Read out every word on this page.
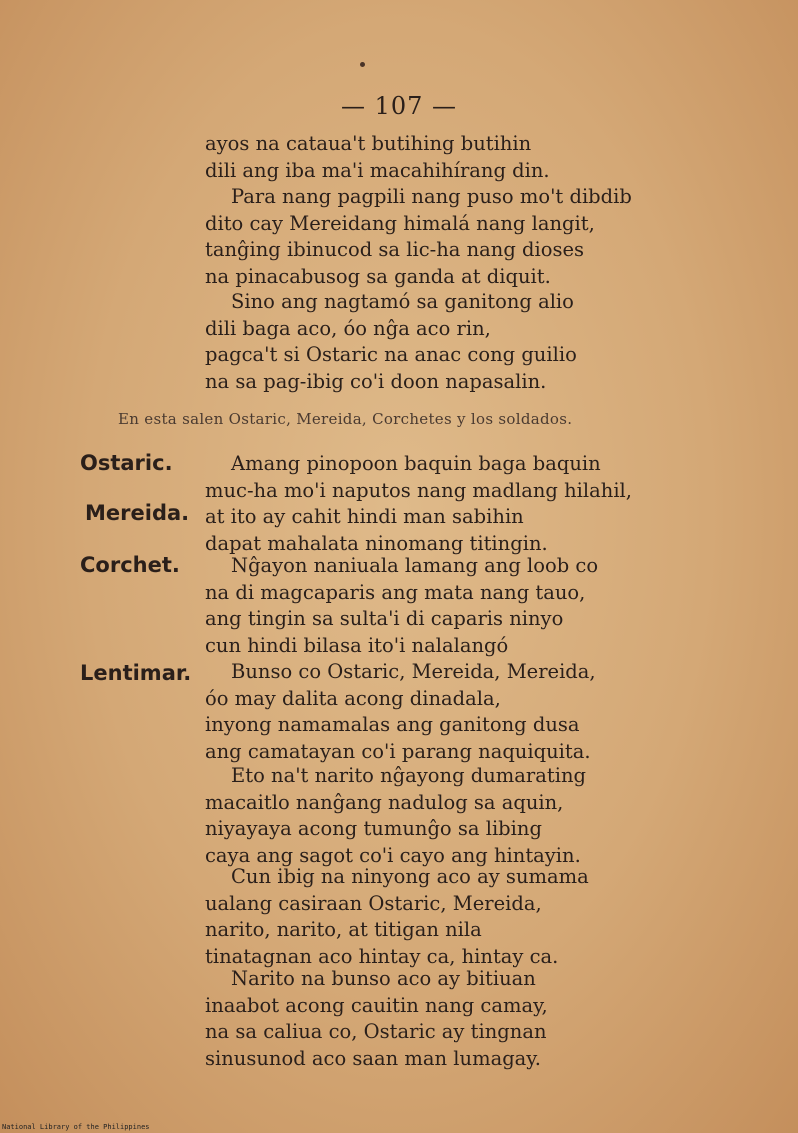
— 107 —
ayos na cataua't butihing butihin
dili ang iba ma'i macahihírang din.
Para nang pagpili nang puso mo't dibdib
dito cay Mereidang himalá nang langit,
tanĝing ibinucod sa lic-ha nang dioses
na pinacabusog sa ganda at diquit.
Sino ang nagtamó sa ganitong alio
dili baga aco, óo nĝa aco rin,
pagca't si Ostaric na anac cong guilio
na sa pag-ibig co'i doon napasalin.
En esta salen Ostaric, Mereida, Corchetes y los soldados.
Ostaric.
Mereida.
Corchet.
Lentimar.
Amang pinopoon baquin baga baquin
muc-ha mo'i naputos nang madlang hilahil,
at ito ay cahit hindi man sabihin
dapat mahalata ninomang titingin.
Nĝayon naniuala lamang ang loob co
na di magcaparis ang mata nang tauo,
ang tingin sa sulta'i di caparis ninyo
cun hindi bilasa ito'i nalalangó
Bunso co Ostaric, Mereida, Mereida,
óo may dalita acong dinadala,
inyong namamalas ang ganitong dusa
ang camatayan co'i parang naquiquita.
Eto na't narito nĝayong dumarating
macaitlo nanĝang nadulog sa aquin,
niyayaya acong tumunĝo sa libing
caya ang sagot co'i cayo ang hintayin.
Cun ibig na ninyong aco ay sumama
ualang casiraan Ostaric, Mereida,
narito, narito, at titigan nila
tinatagnan aco hintay ca, hintay ca.
Narito na bunso aco ay bitiuan
inaabot acong cauitin nang camay,
na sa caliua co, Ostaric ay tingnan
sinusunod aco saan man lumagay.
National Library of the Philippines
